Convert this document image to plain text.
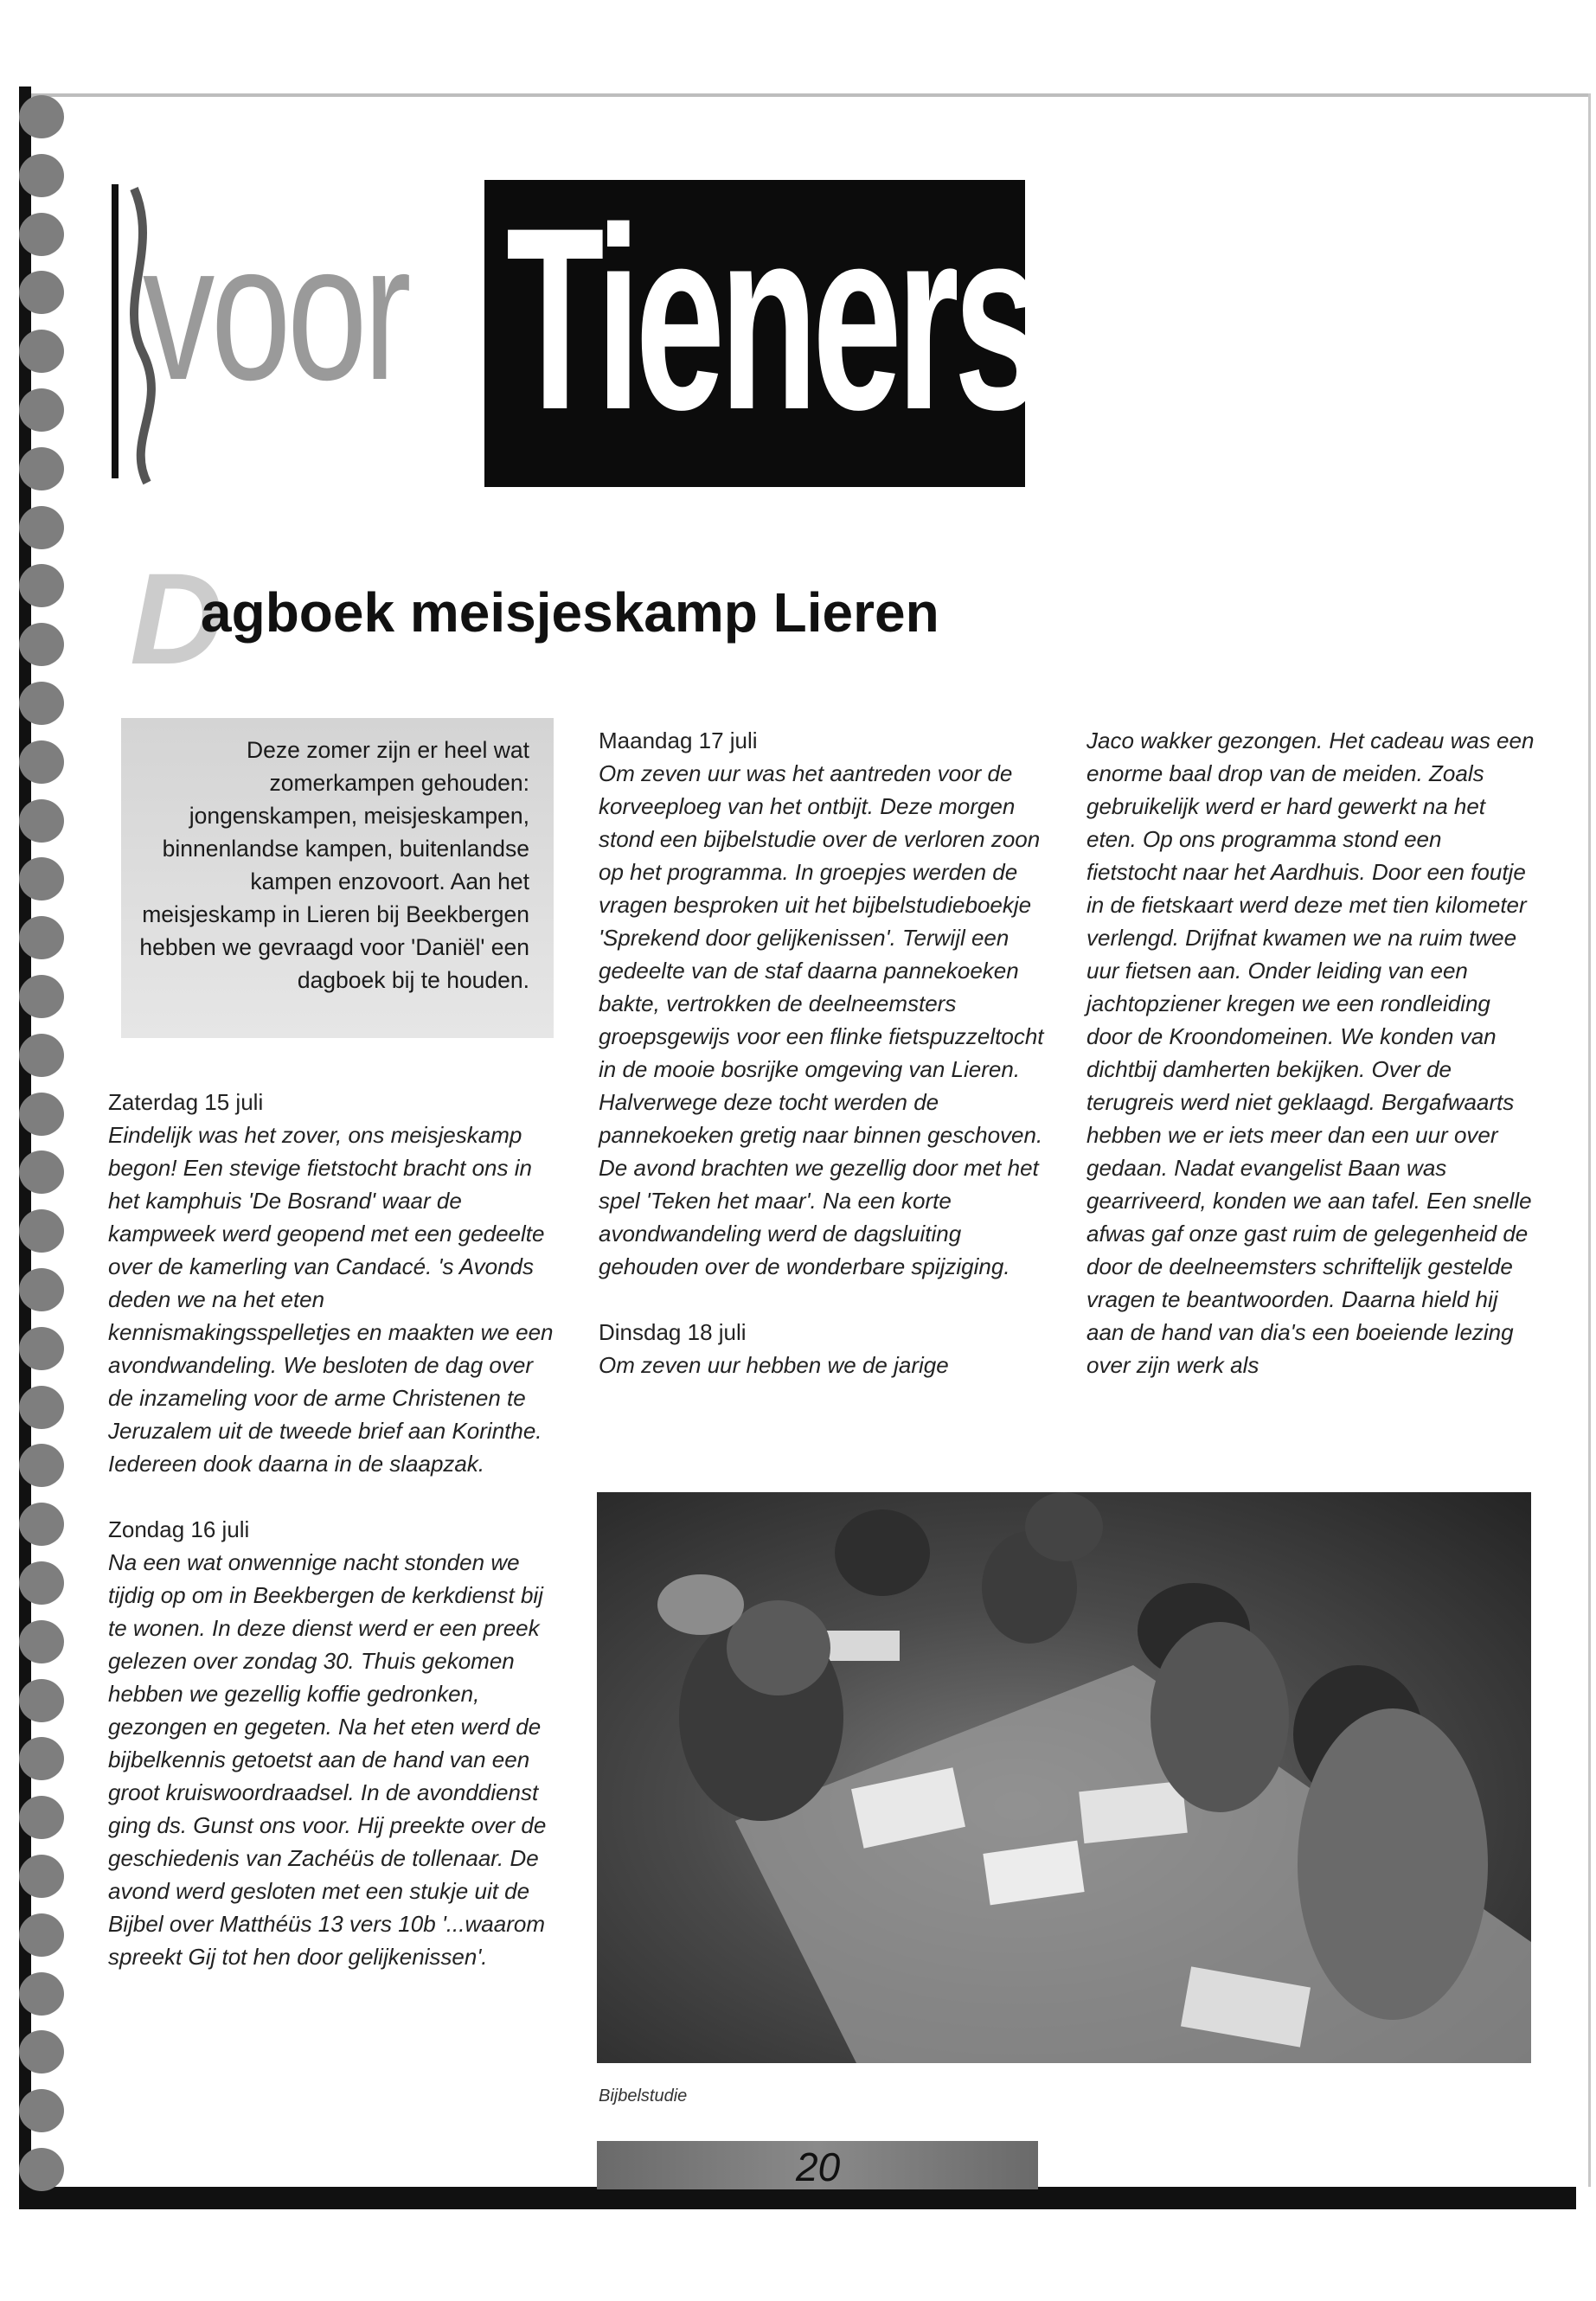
voor Tieners
D
agboek meisjeskamp Lieren
Deze zomer zijn er heel wat zomerkampen gehouden: jongenskampen, meisjeskampen, binnenlandse kampen, buitenlandse kampen enzovoort. Aan het meisjeskamp in Lieren bij Beekbergen hebben we gevraagd voor 'Daniël' een dagboek bij te houden.

Zaterdag 15 juli

Eindelijk was het zover, ons meisjeskamp begon! Een stevige fietstocht bracht ons in het kamphuis 'De Bosrand' waar de kampweek werd geopend met een gedeelte over de kamerling van Candacé. 's Avonds deden we na het eten kennismakingsspelletjes en maakten we een avondwandeling. We besloten de dag over de inzameling voor de arme Christenen te Jeruzalem uit de tweede brief aan Korinthe. Iedereen dook daarna in de slaapzak.

Zondag 16 juli

Na een wat onwennige nacht stonden we tijdig op om in Beekbergen de kerkdienst bij te wonen. In deze dienst werd er een preek gelezen over zondag 30. Thuis gekomen hebben we gezellig koffie gedronken, gezongen en gegeten. Na het eten werd de bijbelkennis getoetst aan de hand van een groot kruiswoordraadsel. In de avonddienst ging ds. Gunst ons voor. Hij preekte over de geschiedenis van Zachéüs de tollenaar. De avond werd gesloten met een stukje uit de Bijbel over Matthéüs 13 vers 10b '...waarom spreekt Gij tot hen door gelijkenissen'.

Maandag 17 juli

Om zeven uur was het aantreden voor de korveeploeg van het ontbijt. Deze morgen stond een bijbelstudie over de verloren zoon op het programma. In groepjes werden de vragen besproken uit het bijbelstudieboekje 'Sprekend door gelijkenissen'. Terwijl een gedeelte van de staf daarna pannekoeken bakte, vertrokken de deelneemsters groepsgewijs voor een flinke fietspuzzeltocht in de mooie bosrijke omgeving van Lieren. Halverwege deze tocht werden de pannekoeken gretig naar binnen geschoven. De avond brachten we gezellig door met het spel 'Teken het maar'. Na een korte avondwandeling werd de dagsluiting gehouden over de wonderbare spijziging.

Dinsdag 18 juli

Om zeven uur hebben we de jarige

Jaco wakker gezongen. Het cadeau was een enorme baal drop van de meiden. Zoals gebruikelijk werd er hard gewerkt na het eten. Op ons programma stond een fietstocht naar het Aardhuis. Door een foutje in de fietskaart werd deze met tien kilometer verlengd. Drijfnat kwamen we na ruim twee uur fietsen aan. Onder leiding van een jachtopziener kregen we een rondleiding door de Kroondomeinen. We konden van dichtbij damherten bekijken. Over de terugreis werd niet geklaagd. Bergafwaarts hebben we er iets meer dan een uur over gedaan. Nadat evangelist Baan was gearriveerd, konden we aan tafel. Een snelle afwas gaf onze gast ruim de gelegenheid de door de deelneemsters schriftelijk gestelde vragen te beantwoorden. Daarna hield hij aan de hand van dia's een boeiende lezing over zijn werk als

Bijbelstudie
20
